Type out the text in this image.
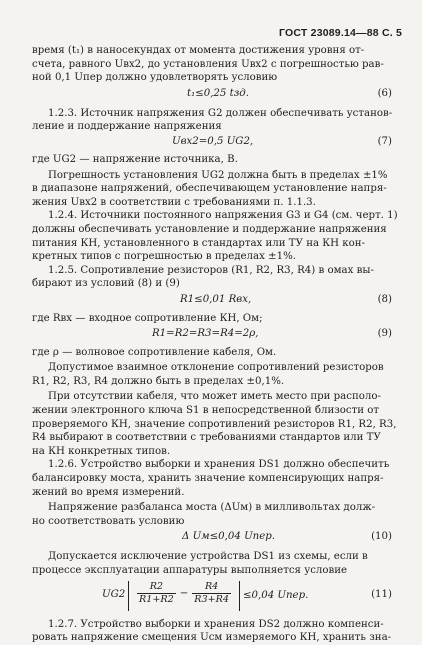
ГОСТ 23089.14—88 С. 5
время (t₁) в наносекундах от момента достижения уровня от-
счета, равного Uвх2, до установления Uвх2 с погрешностью рав-
ной 0,1 Uпер должно удовлетворять условию
t₁≤0,25 tзд.	(6)
1.2.3. Источник напряжения G2 должен обеспечивать установ-
ление и поддержание напряжения
Uвх2=0,5 UG2,	(7)
где UG2 — напряжение источника, В.
Погрешность установления UG2 должна быть в пределах ±1%
в диапазоне напряжений, обеспечивающем установление напря-
жения Uвх2 в соответствии с требованиями п. 1.1.3.
1.2.4. Источники постоянного напряжения G3 и G4 (см. черт. 1)
должны обеспечивать установление и поддержание напряжения
питания КН, установленного в стандартах или ТУ на КН кон-
кретных типов с погрешностью в пределах ±1%.
1.2.5. Сопротивление резисторов (R1, R2, R3, R4) в омах вы-
бирают из условий (8) и (9)
R1≤0,01 Rвх,	(8)
где Rвх — входное сопротивление КН, Ом;
R1=R2=R3=R4=2ρ,	(9)
где ρ — волновое сопротивление кабеля, Ом.
Допустимое взаимное отклонение сопротивлений резисторов
R1, R2, R3, R4 должно быть в пределах ±0,1%.
При отсутствии кабеля, что может иметь место при располо-
жении электронного ключа S1 в непосредственной близости от
проверяемого КН, значение сопротивлений резисторов R1, R2, R3,
R4 выбирают в соответствии с требованиями стандартов или ТУ
на КН конкретных типов.
1.2.6. Устройство выборки и хранения DS1 должно обеспечить
балансировку моста, хранить значение компенсирующих напря-
жений во время измерений.
Напряжение разбаланса моста (ΔUм) в милливольтах долж-
но соответствовать условию
Δ Uм≤0,04 Uпер.	(10)
Допускается исключение устройства DS1 из схемы, если в
процессе эксплуатации аппаратуры выполняется условие
$UG2 \frac{R2}{R1+R2} - \frac{R4}{R3+R4} \le 0,04$ Uпер.	(11)
1.2.7. Устройство выборки и хранения DS2 должно компенси-
ровать напряжение смещения Uсм измеряемого КН, хранить зна-
